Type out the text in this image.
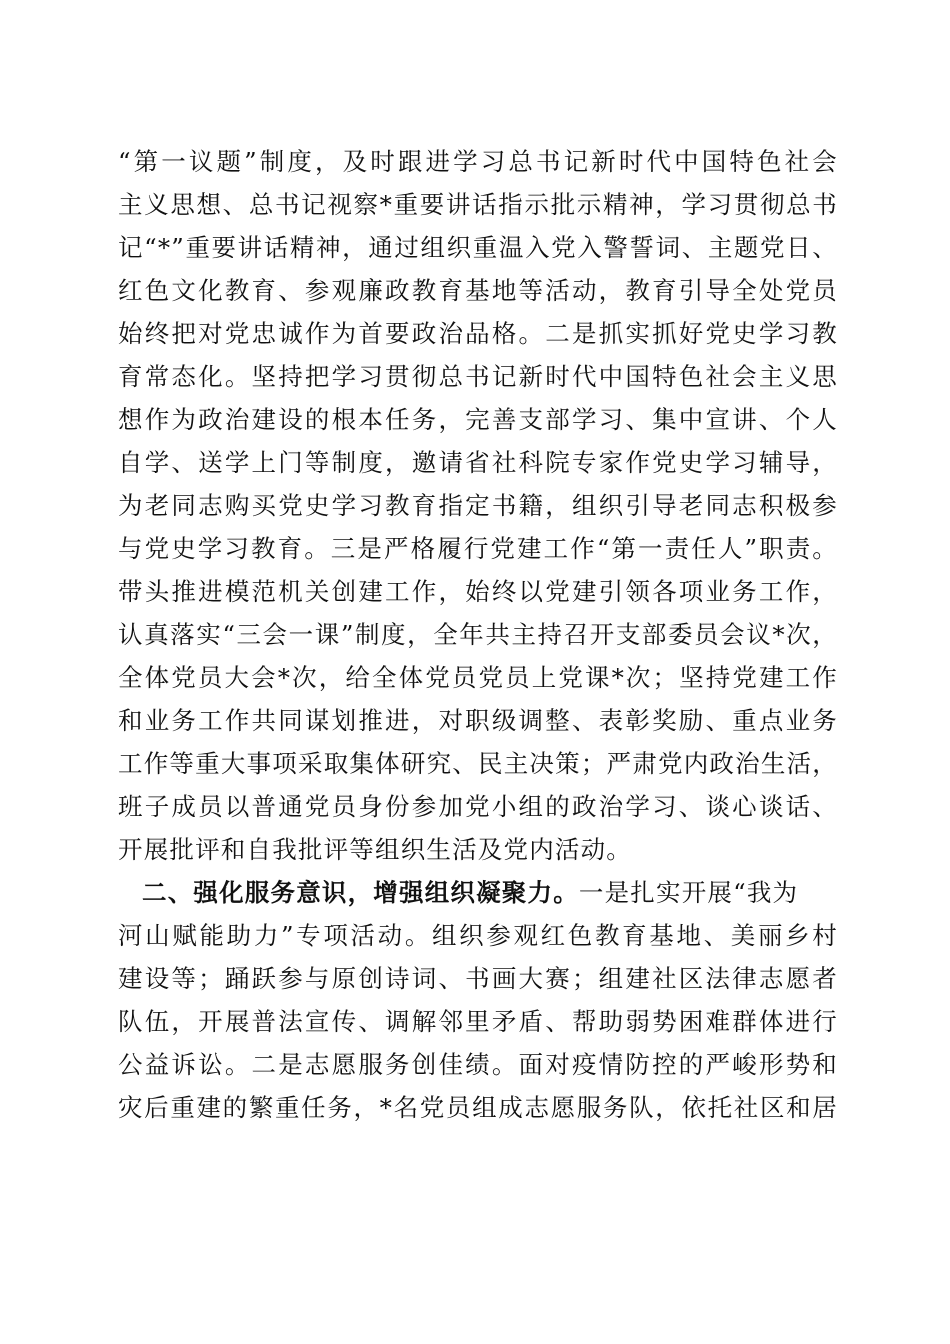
“第一议题”制度，及时跟进学习总书记新时代中国特色社会
主义思想、总书记视察*重要讲话指示批示精神，学习贯彻总书
记“*”重要讲话精神，通过组织重温入党入警誓词、主题党日、
红色文化教育、参观廉政教育基地等活动，教育引导全处党员
始终把对党忠诚作为首要政治品格。二是抓实抓好党史学习教
育常态化。坚持把学习贯彻总书记新时代中国特色社会主义思
想作为政治建设的根本任务，完善支部学习、集中宣讲、个人
自学、送学上门等制度，邀请省社科院专家作党史学习辅导，
为老同志购买党史学习教育指定书籍，组织引导老同志积极参
与党史学习教育。三是严格履行党建工作“第一责任人”职责。
带头推进模范机关创建工作，始终以党建引领各项业务工作，
认真落实“三会一课”制度，全年共主持召开支部委员会议*次，
全体党员大会*次，给全体党员党员上党课*次；坚持党建工作
和业务工作共同谋划推进，对职级调整、表彰奖励、重点业务
工作等重大事项采取集体研究、民主决策；严肃党内政治生活，
班子成员以普通党员身份参加党小组的政治学习、谈心谈话、
开展批评和自我批评等组织生活及党内活动。
二、强化服务意识，增强组织凝聚力。一是扎实开展“我为
河山赋能助力”专项活动。组织参观红色教育基地、美丽乡村
建设等；踊跃参与原创诗词、书画大赛；组建社区法律志愿者
队伍，开展普法宣传、调解邻里矛盾、帮助弱势困难群体进行
公益诉讼。二是志愿服务创佳绩。面对疫情防控的严峻形势和
灾后重建的繁重任务，*名党员组成志愿服务队，依托社区和居
